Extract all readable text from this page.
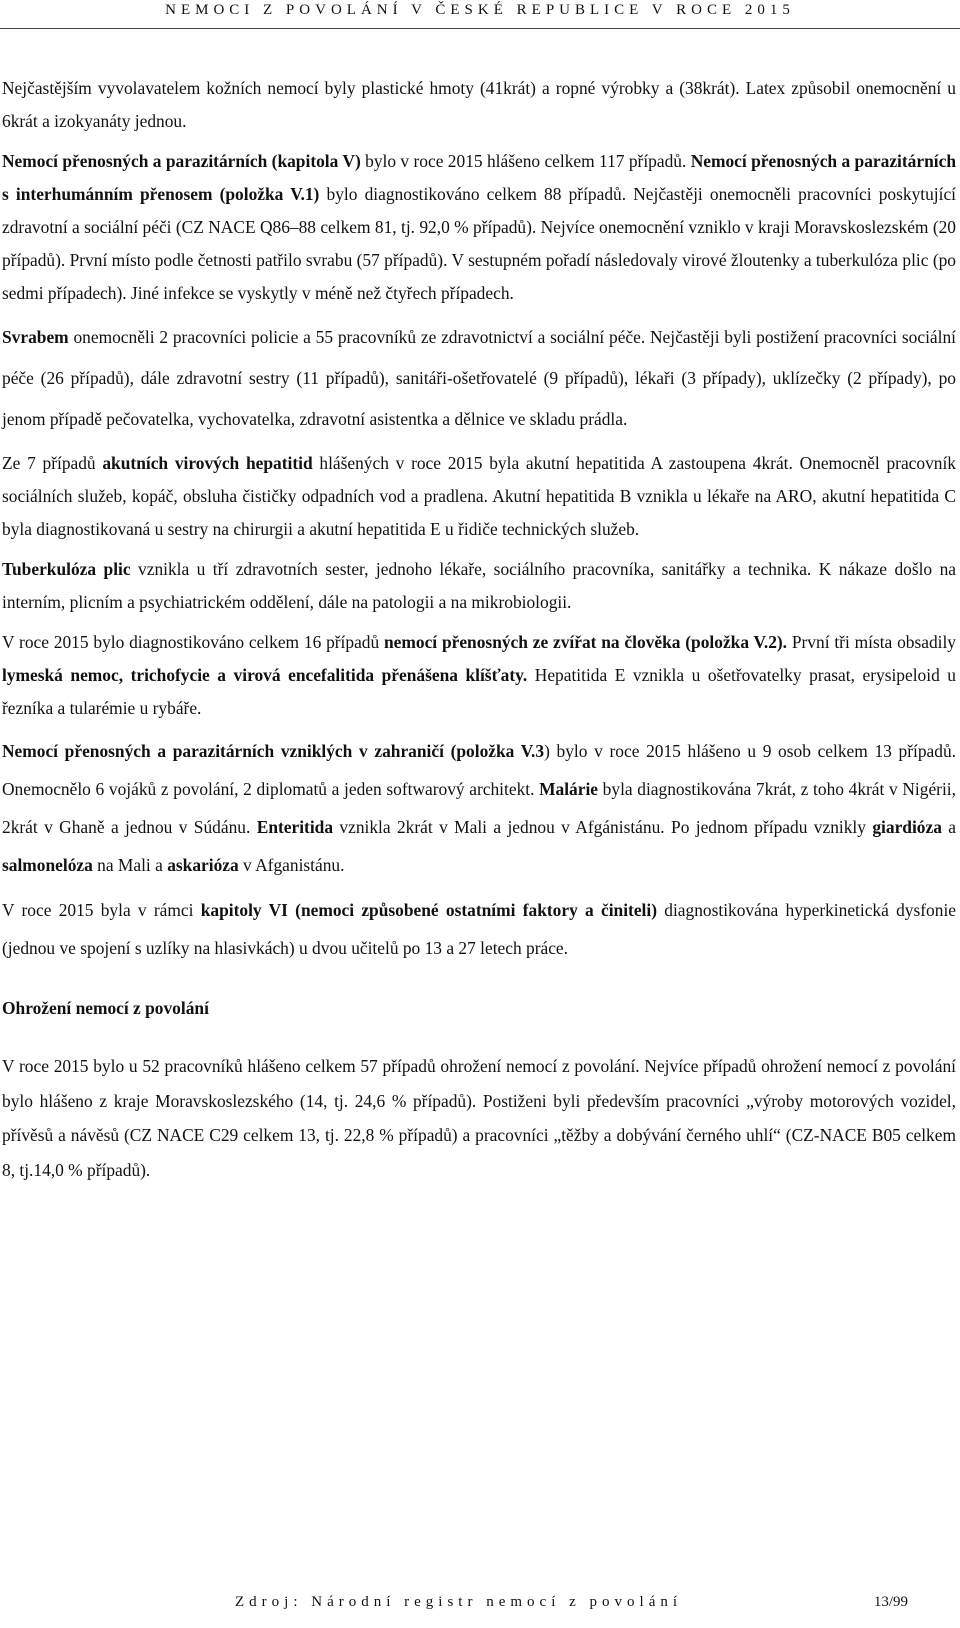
NEMOCI Z POVOLÁNÍ V ČESKÉ REPUBLICE V ROCE 2015

Nejčastějším vyvolavatelem kožních nemocí byly plastické hmoty (41krát) a ropné výrobky a (38krát). Latex způsobil onemocnění u 6krát a izokyanáty jednou.

Nemocí přenosných a parazitárních (kapitola V) bylo v roce 2015 hlášeno celkem 117 případů. Nemocí přenosných a parazitárních s interhumánním přenosem (položka V.1) bylo diagnostikováno celkem 88 případů. Nejčastěji onemocněli pracovníci poskytující zdravotní a sociální péči (CZ NACE Q86–88 celkem 81, tj. 92,0 % případů). Nejvíce onemocnění vzniklo v kraji Moravskoslezském (20 případů). První místo podle četnosti patřilo svrabu (57 případů). V sestupném pořadí následovaly virové žloutenky a tuberkulóza plic (po sedmi případech). Jiné infekce se vyskytly v méně než čtyřech případech.

Svrabem onemocněli 2 pracovníci policie a 55 pracovníků ze zdravotnictví a sociální péče. Nejčastěji byli postižení pracovníci sociální péče (26 případů), dále zdravotní sestry (11 případů), sanitáři-ošetřovatelé (9 případů), lékaři (3 případy), uklízečky (2 případy), po jenom případě pečovatelka, vychovatelka, zdravotní asistentka a dělnice ve skladu prádla.

Ze 7 případů akutních virových hepatitid hlášených v roce 2015 byla akutní hepatitida A zastoupena 4krát. Onemocněl pracovník sociálních služeb, kopáč, obsluha čističky odpadních vod a pradlena. Akutní hepatitida B vznikla u lékaře na ARO, akutní hepatitida C byla diagnostikovaná u sestry na chirurgii a akutní hepatitida E u řidiče technických služeb.

Tuberkulóza plic vznikla u tří zdravotních sester, jednoho lékaře, sociálního pracovníka, sanitářky a technika. K nákaze došlo na interním, plicním a psychiatrickém oddělení, dále na patologii a na mikrobiologii.

V roce 2015 bylo diagnostikováno celkem 16 případů nemocí přenosných ze zvířat na člověka (položka V.2). První tři místa obsadily lymeská nemoc, trichofycie a virová encefalitida přenášena klíšťaty. Hepatitida E vznikla u ošetřovatelky prasat, erysipeloid u řezníka a tularémie u rybáře.

Nemocí přenosných a parazitárních vzniklých v zahraničí (položka V.3) bylo v roce 2015 hlášeno u 9 osob celkem 13 případů. Onemocnělo 6 vojáků z povolání, 2 diplomatů a jeden softwarový architekt. Malárie byla diagnostikována 7krát, z toho 4krát v Nigérii, 2krát v Ghaně a jednou v Súdánu. Enteritida vznikla 2krát v Mali a jednou v Afgánistánu. Po jednom případu vznikly giardióza a salmonelóza na Mali a askarióza v Afganistánu.

V roce 2015 byla v rámci kapitoly VI (nemoci způsobené ostatními faktory a činiteli) diagnostikována hyperkinetická dysfonie (jednou ve spojení s uzlíky na hlasivkách) u dvou učitelů po 13 a 27 letech práce.

Ohrožení nemocí z povolání

V roce 2015 bylo u 52 pracovníků hlášeno celkem 57 případů ohrožení nemocí z povolání. Nejvíce případů ohrožení nemocí z povolání bylo hlášeno z kraje Moravskoslezského (14, tj. 24,6 % případů). Postiženi byli především pracovníci „výroby motorových vozidel, přívěsů a návěsů (CZ NACE C29 celkem 13, tj. 22,8 % případů) a pracovníci „těžby a dobývání černého uhlí“ (CZ-NACE B05 celkem 8, tj.14,0 % případů).

Zdroj: Národní registr nemocí z povolání	13/99
